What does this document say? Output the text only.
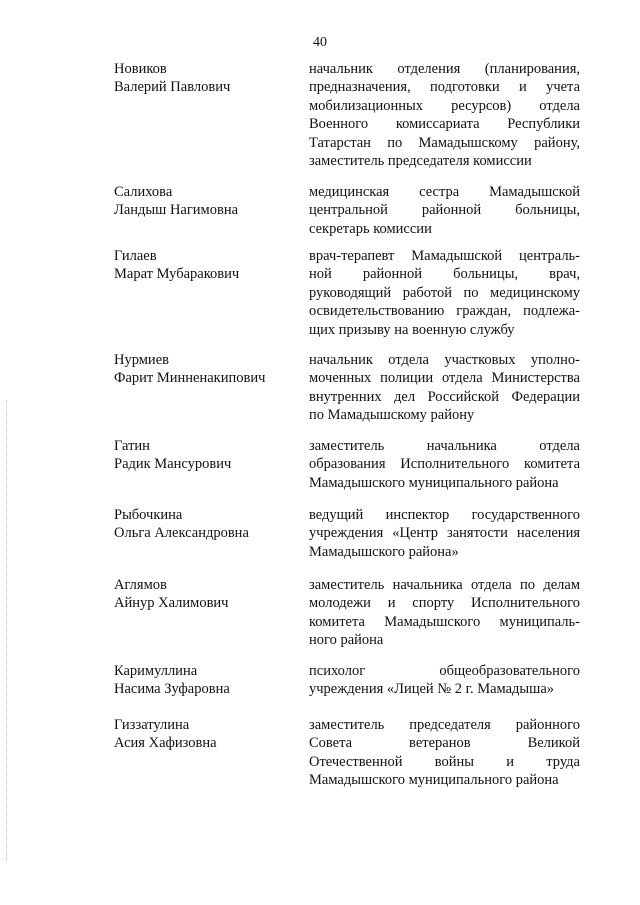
40
Новиков
Валерий Павлович
начальник отделения (планирования,
предназначения, подготовки и учета
мобилизационных ресурсов) отдела
Военного комиссариата Республики
Татарстан по Мамадышскому району,
заместитель председателя комиссии
Салихова
Ландыш Нагимовна
медицинская сестра Мамадышской
центральной районной больницы,
секретарь комиссии
Гилаев
Марат Мубаракович
врач-терапевт Мамадышской централь-
ной районной больницы, врач,
руководящий работой по медицинскому
освидетельствованию граждан, подлежа-
щих призыву на военную службу
Нурмиев
Фарит Минненакипович
начальник отдела участковых уполно-
моченных полиции отдела Министерства
внутренних дел Российской Федерации
по Мамадышскому району
Гатин
Радик Мансурович
заместитель начальника отдела
образования Исполнительного комитета
Мамадышского муниципального района
Рыбочкина
Ольга Александровна
ведущий инспектор государственного
учреждения «Центр занятости населения
Мамадышского района»
Аглямов
Айнур Халимович
заместитель начальника отдела по делам
молодежи и спорту Исполнительного
комитета Мамадышского муниципаль-
ного района
Каримуллина
Насима Зуфаровна
психолог общеобразовательного
учреждения «Лицей № 2 г. Мамадыша»
Гиззатулина
Асия Хафизовна
заместитель председателя районного
Совета ветеранов Великой
Отечественной войны и труда
Мамадышского муниципального района
